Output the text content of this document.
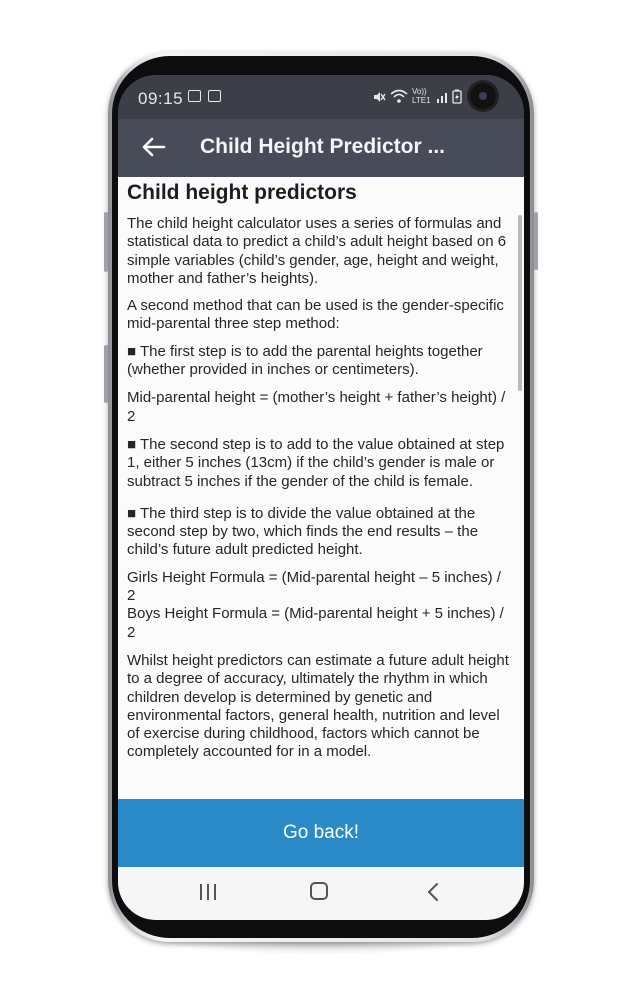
09:15	Vo))
LTE1
Child Height Predictor ...
Child height predictors

The child height calculator uses a series of formulas and statistical data to predict a child’s adult height based on 6 simple variables (child’s gender, age, height and weight, mother and father’s heights).

A second method that can be used is the gender-specific mid-parental three step method:

■ The first step is to add the parental heights together (whether provided in inches or centimeters).

Mid-parental height = (mother’s height + father’s height) / 2

■ The second step is to add to the value obtained at step 1, either 5 inches (13cm) if the child’s gender is male or subtract 5 inches if the gender of the child is female.

■ The third step is to divide the value obtained at the second step by two, which finds the end results – the child’s future adult predicted height.

Girls Height Formula = (Mid-parental height – 5 inches) / 2

Boys Height Formula = (Mid-parental height + 5 inches) / 2

Whilst height predictors can estimate a future adult height to a degree of accuracy, ultimately the rhythm in which children develop is determined by genetic and environmental factors, general health, nutrition and level of exercise during childhood, factors which cannot be completely accounted for in a model.

Go back!
